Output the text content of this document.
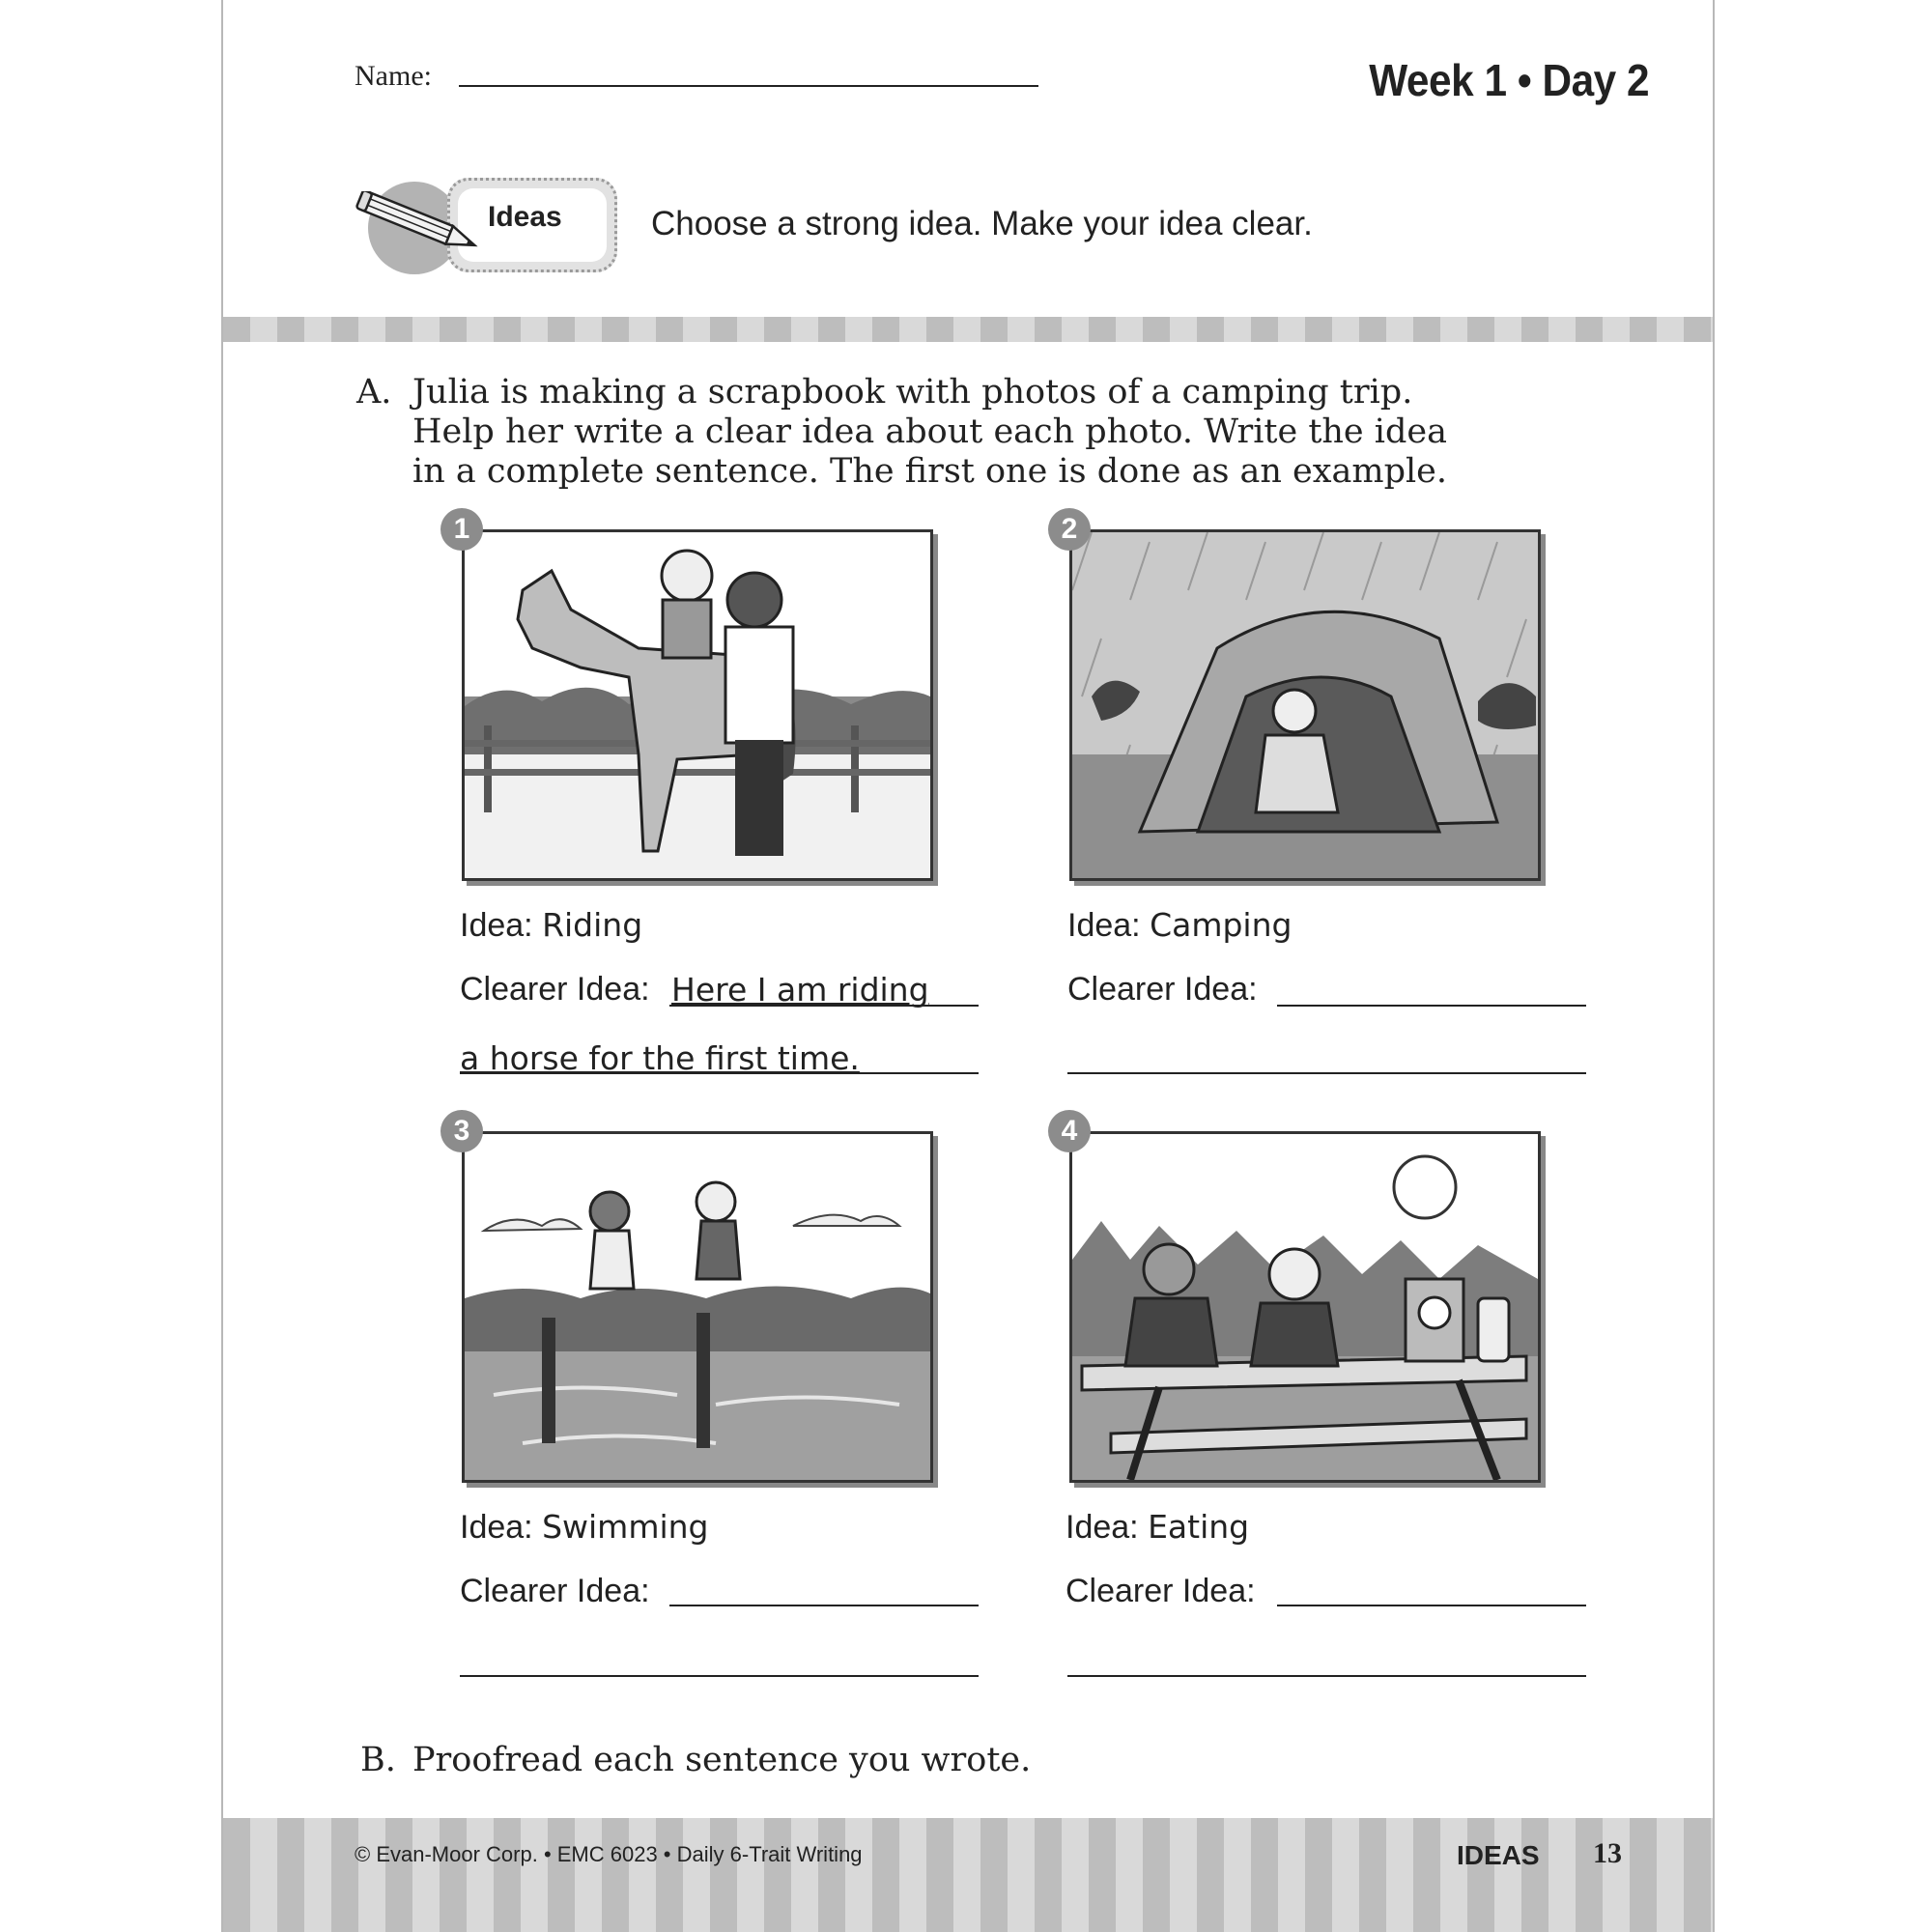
Name:	Week 1 • Day 2
Ideas	Choose a strong idea. Make your idea clear.
A. Julia is making a scrapbook with photos of a camping trip. Help her write a clear idea about each photo. Write the idea in a complete sentence. The first one is done as an example.
1
Idea: Riding
Clearer Idea: Here I am riding
a horse for the first time.
2
Idea: Camping
Clearer Idea:
3
Idea: Swimming
Clearer Idea:
4
Idea: Eating
Clearer Idea:
B. Proofread each sentence you wrote.
© Evan-Moor Corp. • EMC 6023 • Daily 6-Trait Writing	IDEAS 13
